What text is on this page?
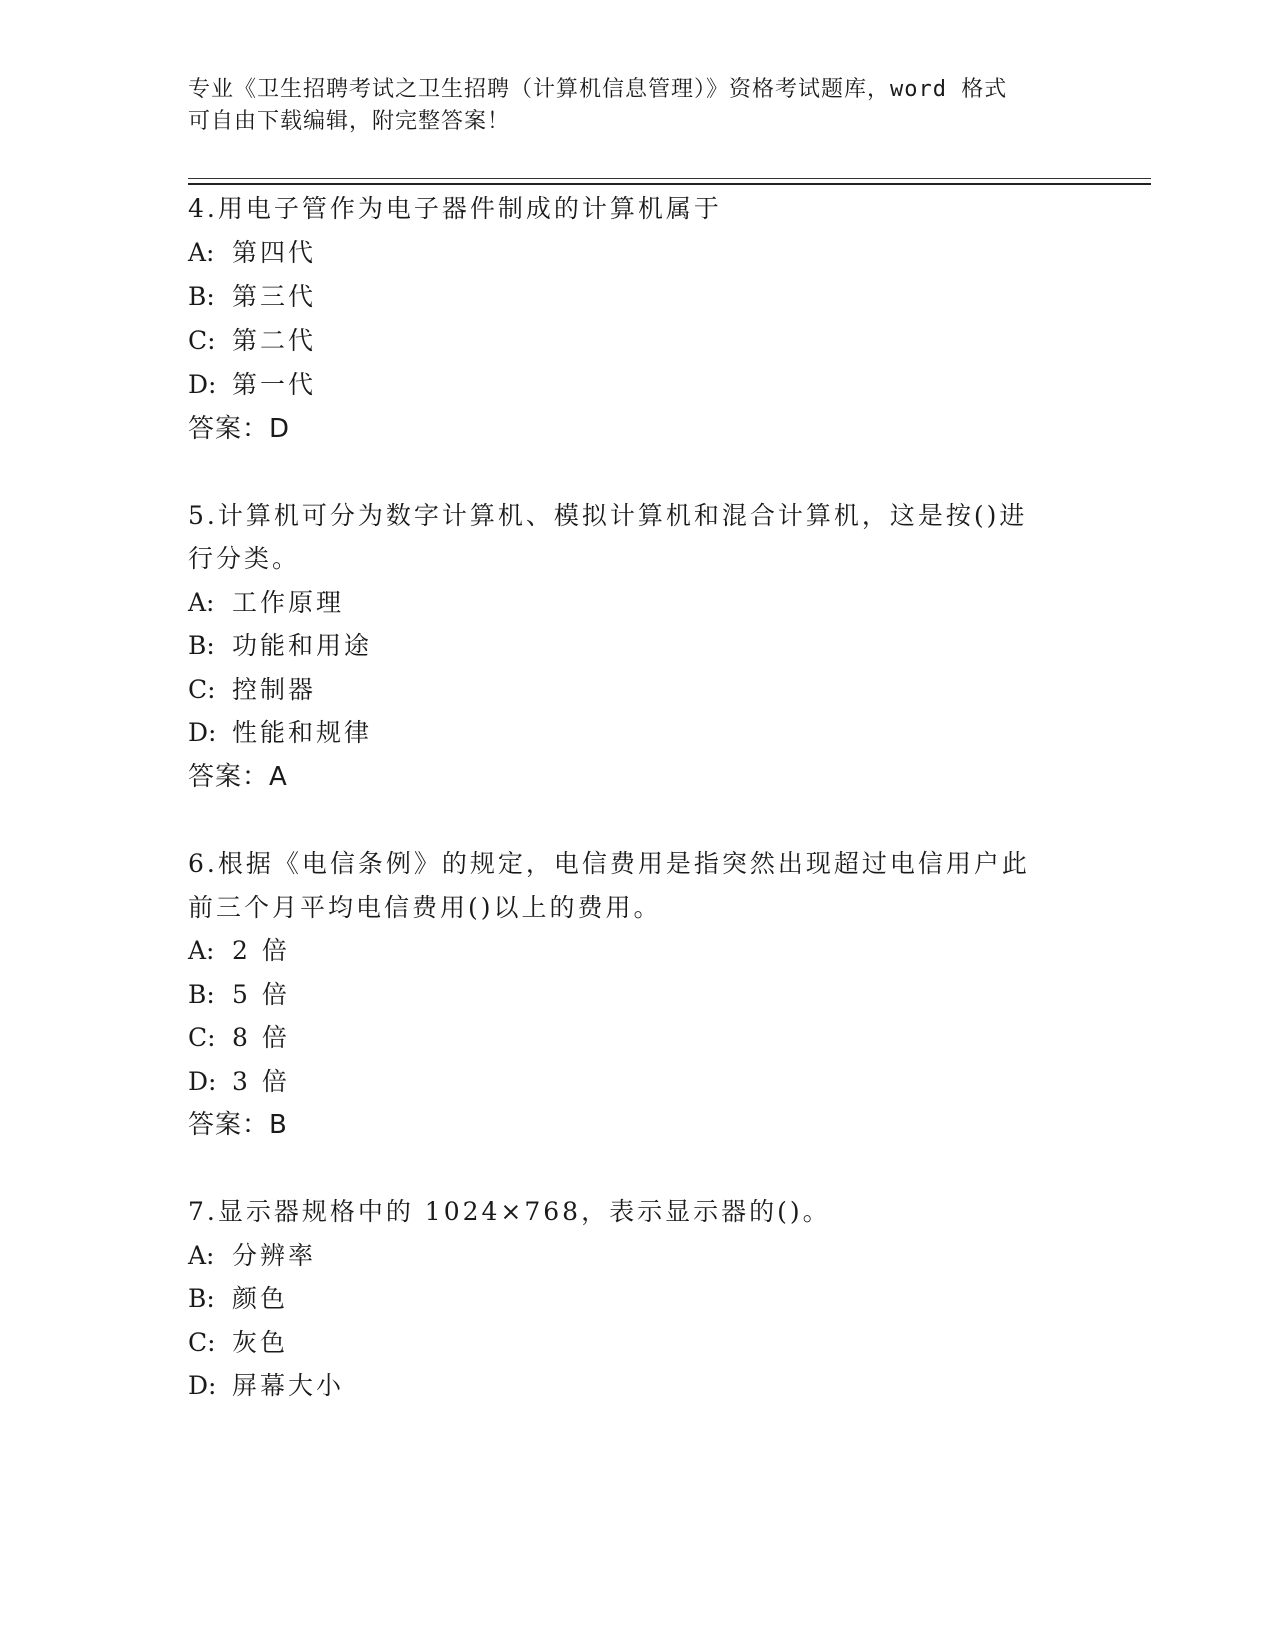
专业《卫生招聘考试之卫生招聘（计算机信息管理）》资格考试题库，word 格式
可自由下载编辑，附完整答案！
4.用电子管作为电子器件制成的计算机属于
A: 第四代
B: 第三代
C: 第二代
D: 第一代
答案：D
5.计算机可分为数字计算机、模拟计算机和混合计算机，这是按()进
行分类。
A: 工作原理
B: 功能和用途
C: 控制器
D: 性能和规律
答案：A
6.根据《电信条例》的规定，电信费用是指突然出现超过电信用户此
前三个月平均电信费用()以上的费用。
A: 2 倍
B: 5 倍
C: 8 倍
D: 3 倍
答案：B
7.显示器规格中的 1024×768，表示显示器的()。
A: 分辨率
B: 颜色
C: 灰色
D: 屏幕大小
